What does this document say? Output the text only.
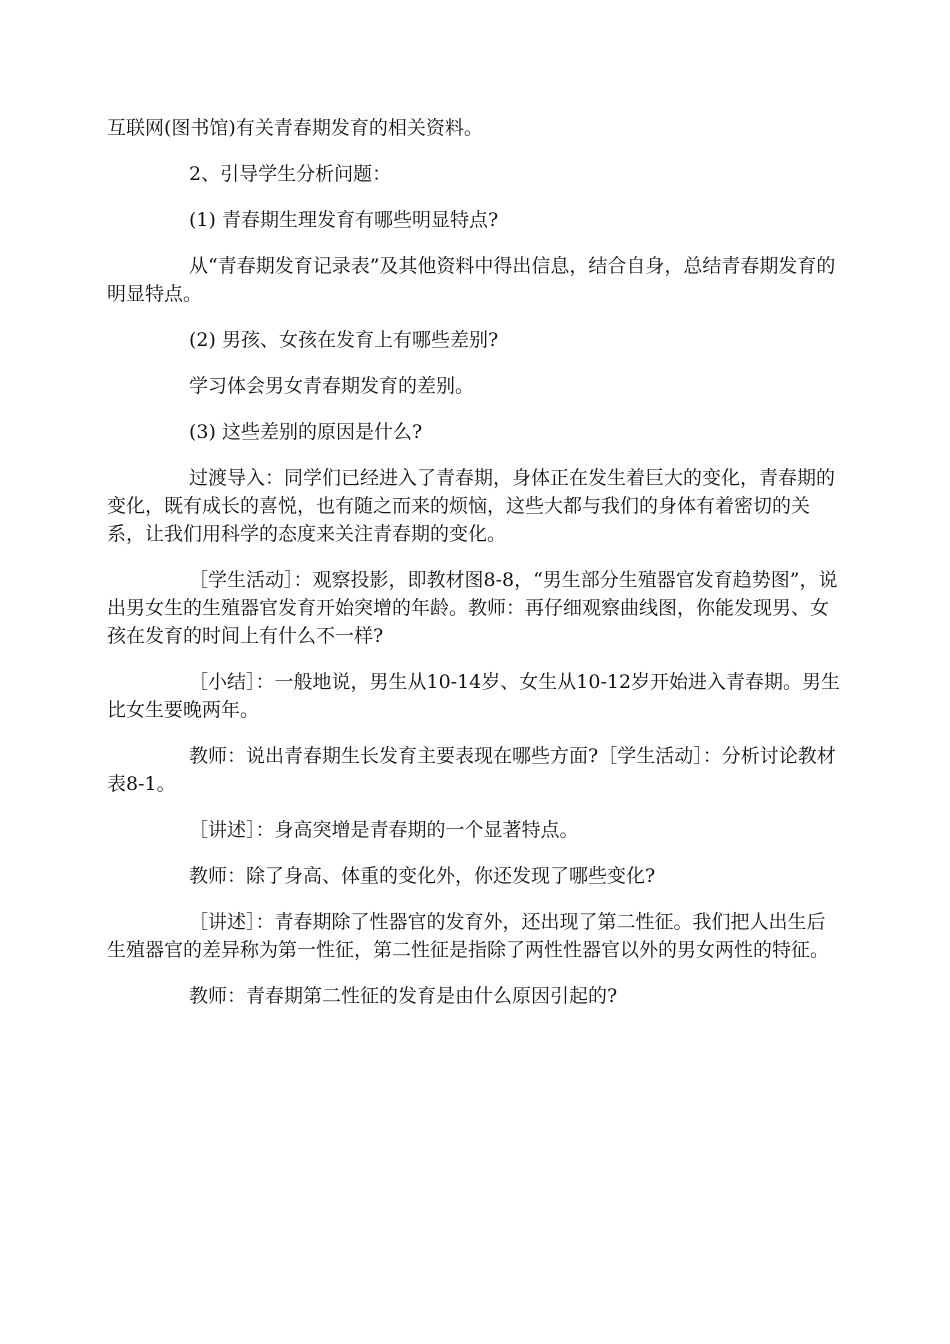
互联网(图书馆)有关青春期发育的相关资料。

2、引导学生分析问题：

(1) 青春期生理发育有哪些明显特点?

从“青春期发育记录表”及其他资料中得出信息，结合自身，总结青春期发育的明显特点。

(2) 男孩、女孩在发育上有哪些差别?

学习体会男女青春期发育的差别。

(3) 这些差别的原因是什么?

过渡导入：同学们已经进入了青春期，身体正在发生着巨大的变化，青春期的变化，既有成长的喜悦，也有随之而来的烦恼，这些大都与我们的身体有着密切的关系，让我们用科学的态度来关注青春期的变化。

［学生活动］：观察投影，即教材图8-8，“男生部分生殖器官发育趋势图”，说出男女生的生殖器官发育开始突增的年龄。教师：再仔细观察曲线图，你能发现男、女孩在发育的时间上有什么不一样?

［小结］：一般地说，男生从10-14岁、女生从10-12岁开始进入青春期。男生比女生要晚两年。

教师：说出青春期生长发育主要表现在哪些方面?［学生活动］：分析讨论教材表8-1。

［讲述］：身高突增是青春期的一个显著特点。

教师：除了身高、体重的变化外，你还发现了哪些变化?

［讲述］：青春期除了性器官的发育外，还出现了第二性征。我们把人出生后生殖器官的差异称为第一性征，第二性征是指除了两性性器官以外的男女两性的特征。

教师：青春期第二性征的发育是由什么原因引起的?
